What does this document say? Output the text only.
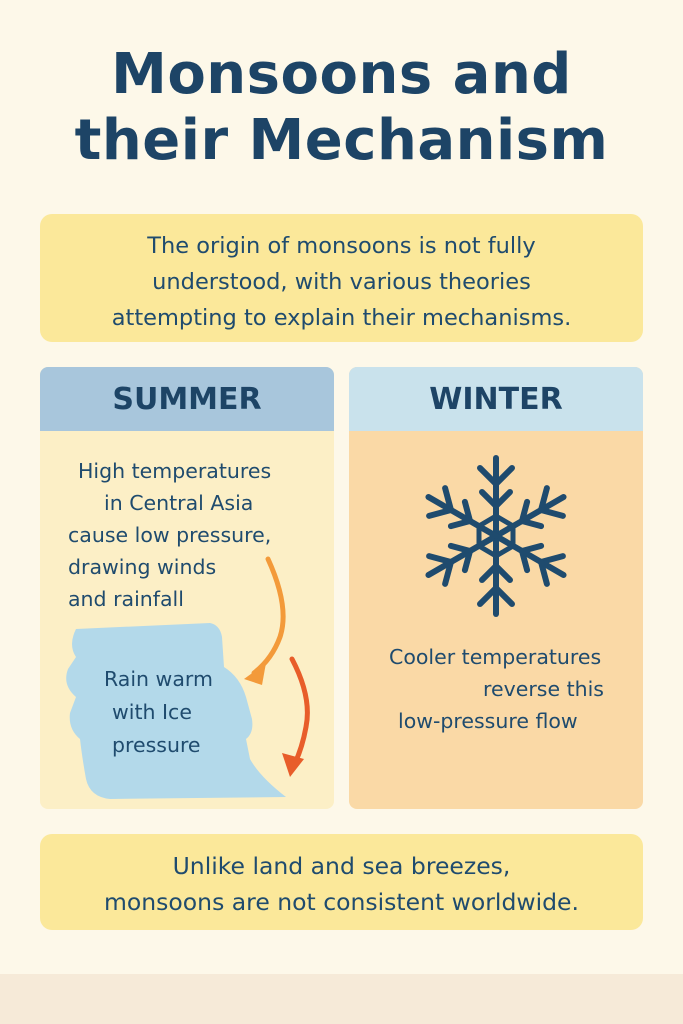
Monsoons and
their Mechanism
The origin of monsoons is not fully
understood, with various theories
attempting to explain their mechanisms.
SUMMER
High temperatures
in Central Asia
cause low pressure,
drawing winds
and rainfall
Rain warm
with Ice
pressure
WINTER
Cooler temperatures
reverse this
low-pressure flow
Unlike land and sea breezes,
monsoons are not consistent worldwide.
